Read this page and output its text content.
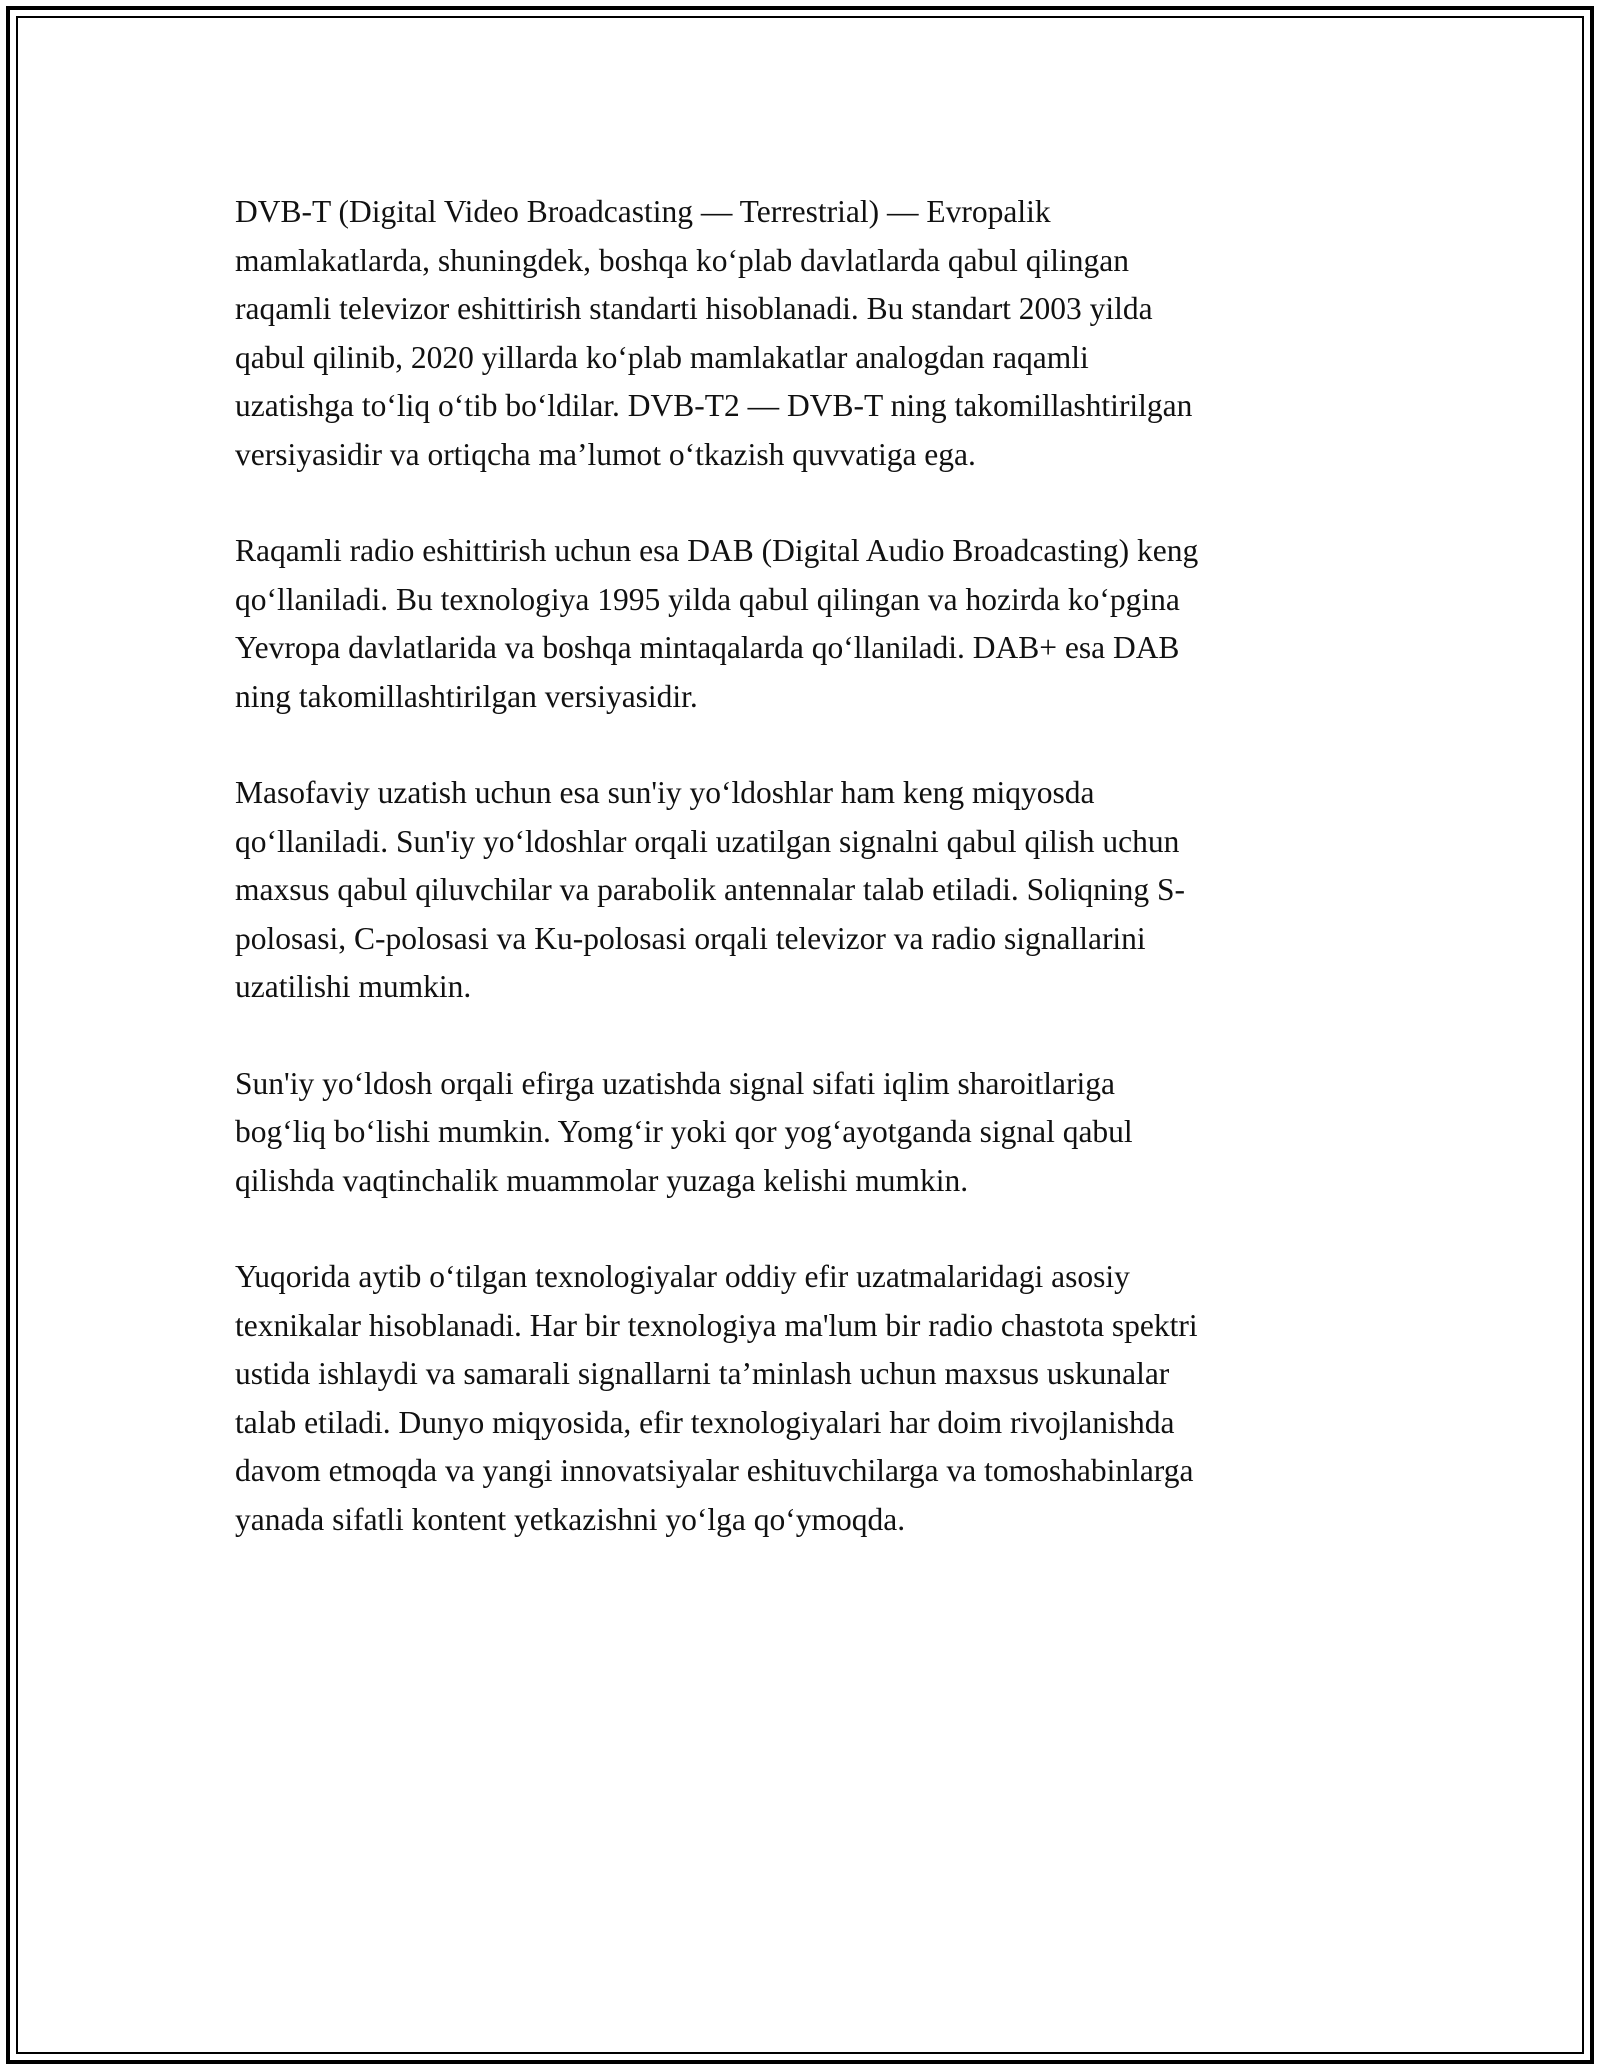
DVB-T (Digital Video Broadcasting — Terrestrial) — Evropalik
mamlakatlarda, shuningdek, boshqa ko‘plab davlatlarda qabul qilingan
raqamli televizor eshittirish standarti hisoblanadi. Bu standart 2003 yilda
qabul qilinib, 2020 yillarda ko‘plab mamlakatlar analogdan raqamli
uzatishga to‘liq o‘tib bo‘ldilar. DVB-T2 — DVB-T ning takomillashtirilgan
versiyasidir va ortiqcha ma’lumot o‘tkazish quvvatiga ega.

Raqamli radio eshittirish uchun esa DAB (Digital Audio Broadcasting) keng
qo‘llaniladi. Bu texnologiya 1995 yilda qabul qilingan va hozirda ko‘pgina
Yevropa davlatlarida va boshqa mintaqalarda qo‘llaniladi. DAB+ esa DAB
ning takomillashtirilgan versiyasidir.

Masofaviy uzatish uchun esa sun'iy yo‘ldoshlar ham keng miqyosda
qo‘llaniladi. Sun'iy yo‘ldoshlar orqali uzatilgan signalni qabul qilish uchun
maxsus qabul qiluvchilar va parabolik antennalar talab etiladi. Soliqning S-
polosasi, C-polosasi va Ku-polosasi orqali televizor va radio signallarini
uzatilishi mumkin.

Sun'iy yo‘ldosh orqali efirga uzatishda signal sifati iqlim sharoitlariga
bog‘liq bo‘lishi mumkin. Yomg‘ir yoki qor yog‘ayotganda signal qabul
qilishda vaqtinchalik muammolar yuzaga kelishi mumkin.

Yuqorida aytib o‘tilgan texnologiyalar oddiy efir uzatmalaridagi asosiy
texnikalar hisoblanadi. Har bir texnologiya ma'lum bir radio chastota spektri
ustida ishlaydi va samarali signallarni ta’minlash uchun maxsus uskunalar
talab etiladi. Dunyo miqyosida, efir texnologiyalari har doim rivojlanishda
davom etmoqda va yangi innovatsiyalar eshituvchilarga va tomoshabinlarga
yanada sifatli kontent yetkazishni yo‘lga qo‘ymoqda.
